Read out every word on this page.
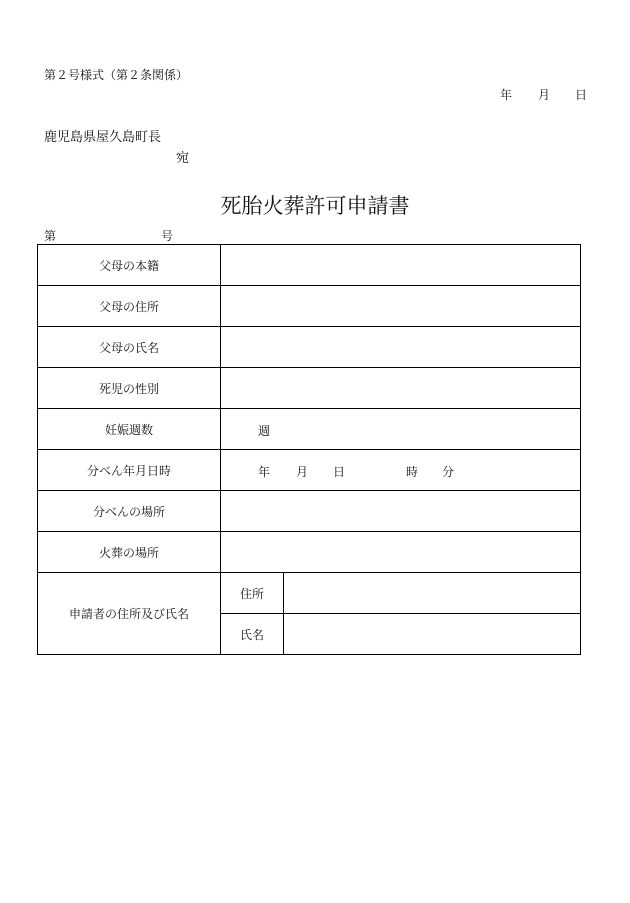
第２号様式（第２条関係）
年 月 日
鹿児島県屋久島町長
宛
死胎火葬許可申請書
第	号
父母の本籍		
父母の住所		
父母の氏名		
死児の性別		
妊娠週数	週	

分べん年月日時	年 月 日 時 分	

分べんの場所		
火葬の場所		
申請者の住所及び氏名	住所	
	氏名	
